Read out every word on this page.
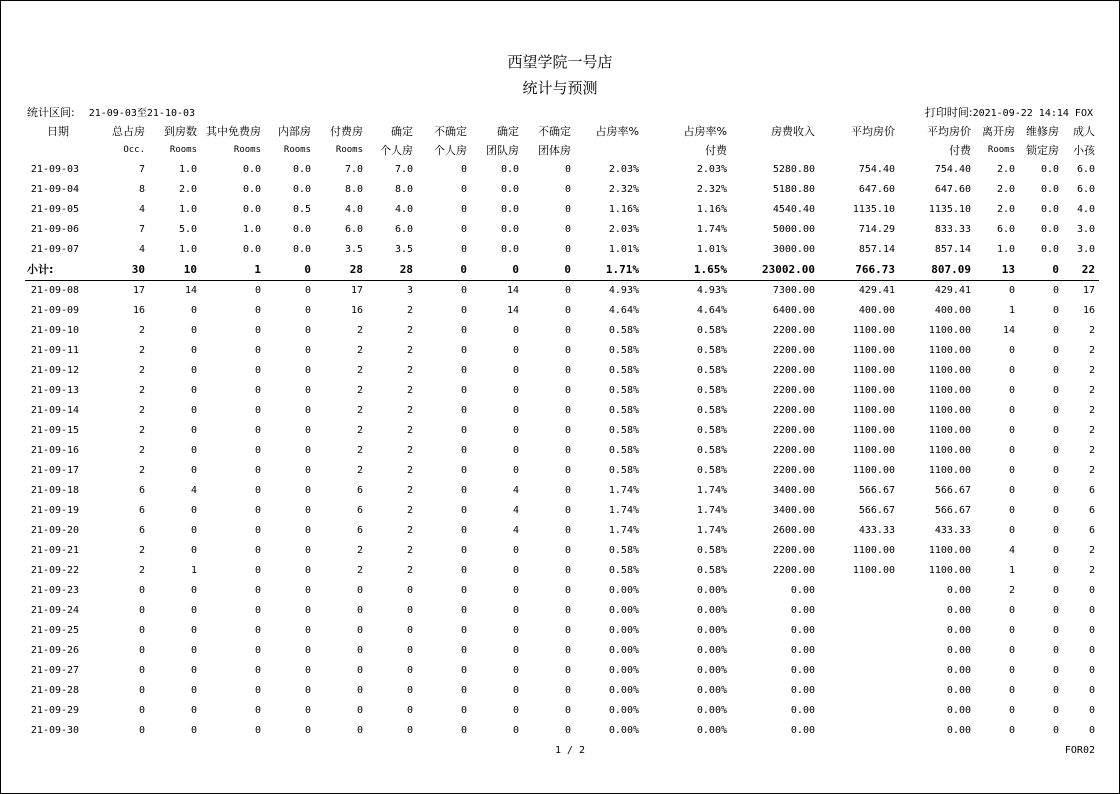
西望学院一号店
统计与预测
统计区间: 21-09-03至21-10-03	打印时间:2021-09-22 14:14 FOX
日期	总占房	到房数	其中免费房	内部房	付费房	确定	不确定	确定	不确定	占房率%	占房率%	房费收入	平均房价	平均房价	离开房	维修房	成人
	Occ.	Rooms	Rooms	Rooms	Rooms	个人房	个人房	团队房	团体房		付费			付费	Rooms	锁定房	小孩
21-09-03	7	1.0	0.0	0.0	7.0	7.0	0	0.0	0	2.03%	2.03%	5280.80	754.40	754.40	2.0	0.0	6.0
21-09-04	8	2.0	0.0	0.0	8.0	8.0	0	0.0	0	2.32%	2.32%	5180.80	647.60	647.60	2.0	0.0	6.0
21-09-05	4	1.0	0.0	0.5	4.0	4.0	0	0.0	0	1.16%	1.16%	4540.40	1135.10	1135.10	2.0	0.0	4.0
21-09-06	7	5.0	1.0	0.0	6.0	6.0	0	0.0	0	2.03%	1.74%	5000.00	714.29	833.33	6.0	0.0	3.0
21-09-07	4	1.0	0.0	0.0	3.5	3.5	0	0.0	0	1.01%	1.01%	3000.00	857.14	857.14	1.0	0.0	3.0
小计:	30	10	1	0	28	28	0	0	0	1.71%	1.65%	23002.00	766.73	807.09	13	0	22
21-09-08	17	14	0	0	17	3	0	14	0	4.93%	4.93%	7300.00	429.41	429.41	0	0	17
21-09-09	16	0	0	0	16	2	0	14	0	4.64%	4.64%	6400.00	400.00	400.00	1	0	16
21-09-10	2	0	0	0	2	2	0	0	0	0.58%	0.58%	2200.00	1100.00	1100.00	14	0	2
21-09-11	2	0	0	0	2	2	0	0	0	0.58%	0.58%	2200.00	1100.00	1100.00	0	0	2
21-09-12	2	0	0	0	2	2	0	0	0	0.58%	0.58%	2200.00	1100.00	1100.00	0	0	2
21-09-13	2	0	0	0	2	2	0	0	0	0.58%	0.58%	2200.00	1100.00	1100.00	0	0	2
21-09-14	2	0	0	0	2	2	0	0	0	0.58%	0.58%	2200.00	1100.00	1100.00	0	0	2
21-09-15	2	0	0	0	2	2	0	0	0	0.58%	0.58%	2200.00	1100.00	1100.00	0	0	2
21-09-16	2	0	0	0	2	2	0	0	0	0.58%	0.58%	2200.00	1100.00	1100.00	0	0	2
21-09-17	2	0	0	0	2	2	0	0	0	0.58%	0.58%	2200.00	1100.00	1100.00	0	0	2
21-09-18	6	4	0	0	6	2	0	4	0	1.74%	1.74%	3400.00	566.67	566.67	0	0	6
21-09-19	6	0	0	0	6	2	0	4	0	1.74%	1.74%	3400.00	566.67	566.67	0	0	6
21-09-20	6	0	0	0	6	2	0	4	0	1.74%	1.74%	2600.00	433.33	433.33	0	0	6
21-09-21	2	0	0	0	2	2	0	0	0	0.58%	0.58%	2200.00	1100.00	1100.00	4	0	2
21-09-22	2	1	0	0	2	2	0	0	0	0.58%	0.58%	2200.00	1100.00	1100.00	1	0	2
21-09-23	0	0	0	0	0	0	0	0	0	0.00%	0.00%	0.00		0.00	2	0	0
21-09-24	0	0	0	0	0	0	0	0	0	0.00%	0.00%	0.00		0.00	0	0	0
21-09-25	0	0	0	0	0	0	0	0	0	0.00%	0.00%	0.00		0.00	0	0	0
21-09-26	0	0	0	0	0	0	0	0	0	0.00%	0.00%	0.00		0.00	0	0	0
21-09-27	0	0	0	0	0	0	0	0	0	0.00%	0.00%	0.00		0.00	0	0	0
21-09-28	0	0	0	0	0	0	0	0	0	0.00%	0.00%	0.00		0.00	0	0	0
21-09-29	0	0	0	0	0	0	0	0	0	0.00%	0.00%	0.00		0.00	0	0	0
21-09-30	0	0	0	0	0	0	0	0	0	0.00%	0.00%	0.00		0.00	0	0	0
1 / 2	FOR02
